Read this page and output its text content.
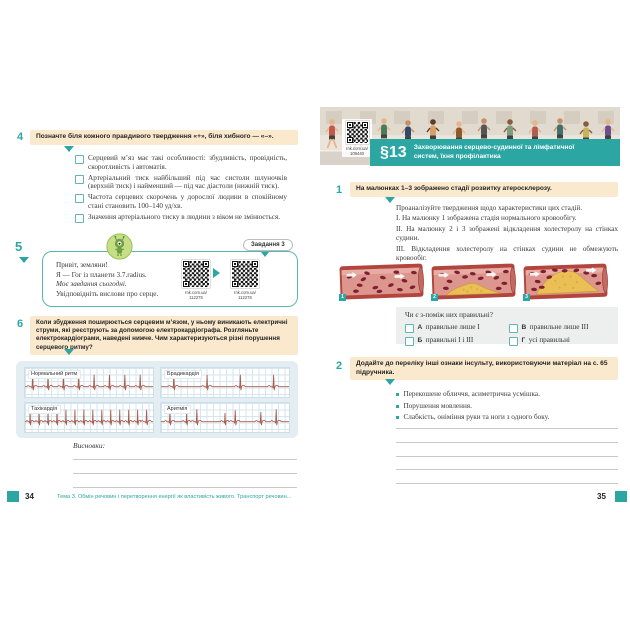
4	Позначте біля кожного правдивого твердження «+», біля хибного — «–».
Серцевий м’яз має такі особливості: збудливість, провідність, скоротливість і автоматія.
Артеріальний тиск найбільший під час систоли шлуночків (верхній тиск) і найменший — під час діастоли (нижній тиск).
Частота серцевих скорочень у дорослої людини в спокійному стані становить 100–140 уд/хв.
Значення артеріального тиску в людини з віком не змінюється.
5	Завдання 3
Привіт, земляни!
Я — Гог із планети 3.7.radius.
Моє завдання сьогодні.
Увідповідніть вислови про серце.	rnk.com.ua/
112275
rnk.com.ua/
112276
6	Коли збудження поширюється серцевим м’язом, у ньому виникають електричні струми, які реєструють за допомогою електрокардіографа. Розгляньте електрокардіограми, наведені нижче. Чим характеризуються різні порушення серцевого ритму?
Нормальний ритм	Брадикардія
Тахікардія	Аритмія
Висновки:
34	Тема 3. Обмін речовин і перетворення енергії як властивість живого. Транспорт речовин...
rnk.com.ua/
109440	§13 Захворювання серцево-судинної та лімфатичної систем, їхня профілактика
1	На малюнках 1–3 зображено стадії розвитку атеросклерозу.

Проаналізуйте твердження щодо характеристики цих стадій.

І. На малюнку 1 зображена стадія нормального кровообігу.

ІІ. На малюнку 2 і 3 зображені відкладення холестеролу на стінках судини.

ІІІ. Відкладення холестеролу на стінках судини не обмежують кровообіг.

1	2	3
Чи є з-поміж них правильні?
А правильне лише І	В правильне лише ІІІ
Б правильні І і ІІІ	Г усі правильні
2	Додайте до переліку інші ознаки інсульту, використовуючи матеріал на с. 65 підручника.
Перекошене обличчя, асиметрична усмішка.
Порушення мовлення.
Слабкість, оніміння руки та ноги з одного боку.
35
